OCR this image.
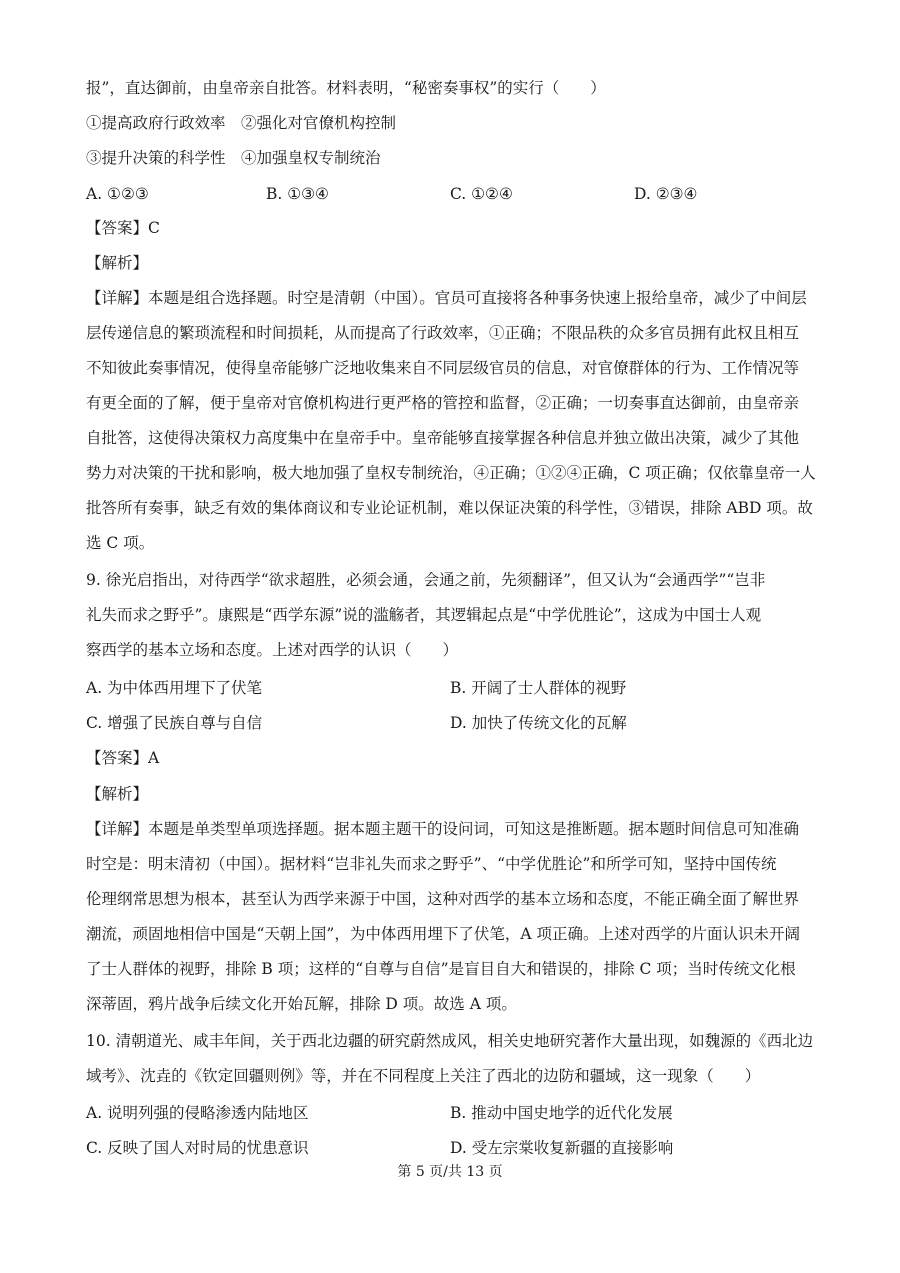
报”，直达御前，由皇帝亲自批答。材料表明，“秘密奏事权”的实行（　　）
①提高政府行政效率　②强化对官僚机构控制
③提升决策的科学性　④加强皇权专制统治
A. ①②③	B. ①③④	C. ①②④	D. ②③④
【答案】C
【解析】
【详解】本题是组合选择题。时空是清朝（中国）。官员可直接将各种事务快速上报给皇帝，减少了中间层
层传递信息的繁琐流程和时间损耗，从而提高了行政效率，①正确；不限品秩的众多官员拥有此权且相互
不知彼此奏事情况，使得皇帝能够广泛地收集来自不同层级官员的信息，对官僚群体的行为、工作情况等
有更全面的了解，便于皇帝对官僚机构进行更严格的管控和监督，②正确；一切奏事直达御前，由皇帝亲
自批答，这使得决策权力高度集中在皇帝手中。皇帝能够直接掌握各种信息并独立做出决策，减少了其他
势力对决策的干扰和影响，极大地加强了皇权专制统治，④正确；①②④正确，C 项正确；仅依靠皇帝一人
批答所有奏事，缺乏有效的集体商议和专业论证机制，难以保证决策的科学性，③错误，排除 ABD 项。故
选 C 项。
9. 徐光启指出，对待西学“欲求超胜，必须会通，会通之前，先须翻译”，但又认为“会通西学”“岂非
礼失而求之野乎”。康熙是“西学东源”说的滥觞者，其逻辑起点是“中学优胜论”，这成为中国士人观
察西学的基本立场和态度。上述对西学的认识（　　）
A. 为中体西用埋下了伏笔	B. 开阔了士人群体的视野
C. 增强了民族自尊与自信	D. 加快了传统文化的瓦解
【答案】A
【解析】
【详解】本题是单类型单项选择题。据本题主题干的设问词，可知这是推断题。据本题时间信息可知准确
时空是：明末清初（中国）。据材料“岂非礼失而求之野乎”、“中学优胜论”和所学可知，坚持中国传统
伦理纲常思想为根本，甚至认为西学来源于中国，这种对西学的基本立场和态度，不能正确全面了解世界
潮流，顽固地相信中国是“天朝上国”，为中体西用埋下了伏笔，A 项正确。上述对西学的片面认识未开阔
了士人群体的视野，排除 B 项；这样的“自尊与自信”是盲目自大和错误的，排除 C 项；当时传统文化根
深蒂固，鸦片战争后续文化开始瓦解，排除 D 项。故选 A 项。
10. 清朝道光、咸丰年间，关于西北边疆的研究蔚然成风，相关史地研究著作大量出现，如魏源的《西北边
域考》、沈垚的《钦定回疆则例》等，并在不同程度上关注了西北的边防和疆域，这一现象（　　）
A. 说明列强的侵略渗透内陆地区	B. 推动中国史地学的近代化发展
C. 反映了国人对时局的忧患意识	D. 受左宗棠收复新疆的直接影响
第 5 页/共 13 页
